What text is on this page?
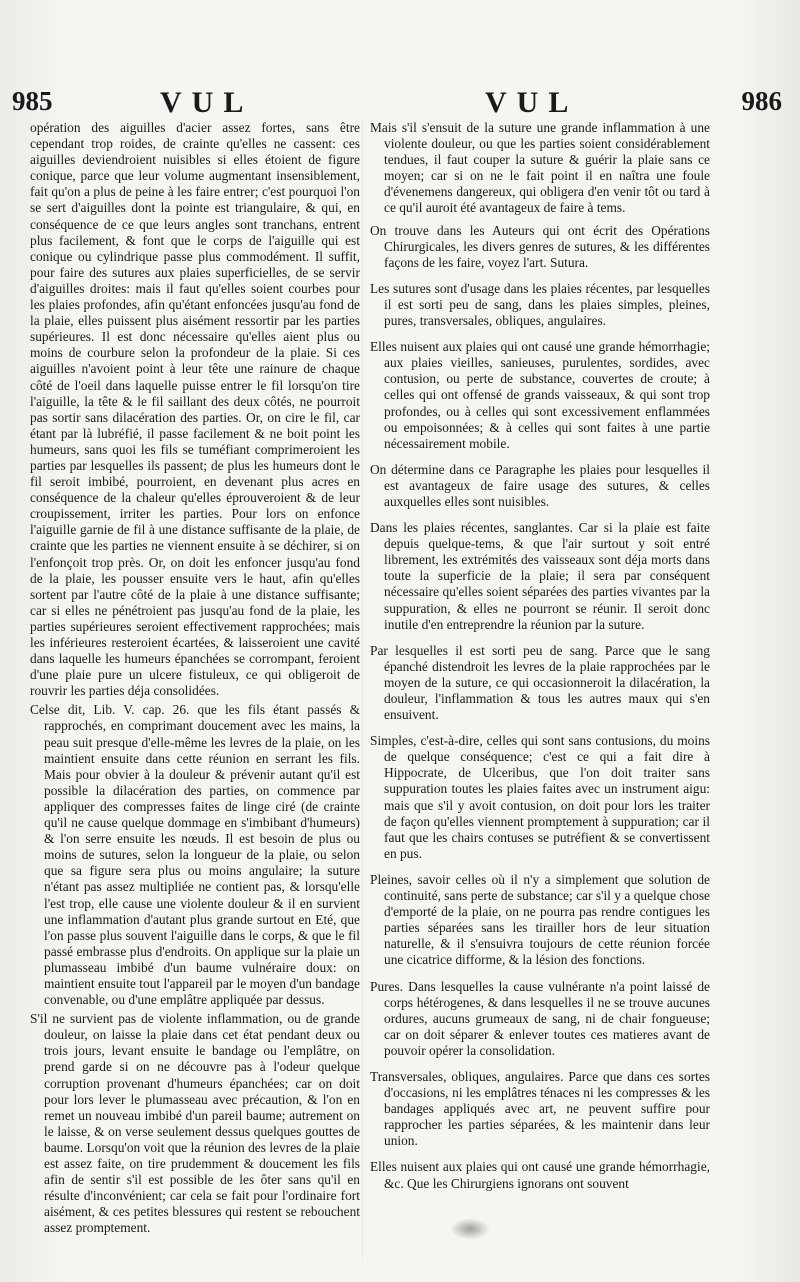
985	VUL	VUL	986

opération des aiguilles d'acier assez fortes, sans être cependant trop roides, de crainte qu'elles ne cassent: ces aiguilles deviendroient nuisibles si elles étoient de figure conique, parce que leur volume augmentant insensiblement, fait qu'on a plus de peine à les faire entrer; c'est pourquoi l'on se sert d'aiguilles dont la pointe est triangulaire, & qui, en conséquence de ce que leurs angles sont tranchans, entrent plus facilement, & font que le corps de l'aiguille qui est conique ou cylindrique passe plus commodément. Il suffit, pour faire des sutures aux plaies superficielles, de se servir d'aiguilles droites: mais il faut qu'elles soient courbes pour les plaies profondes, afin qu'étant enfoncées jusqu'au fond de la plaie, elles puissent plus aisément ressortir par les parties supérieures. Il est donc nécessaire qu'elles aient plus ou moins de courbure selon la profondeur de la plaie. Si ces aiguilles n'avoient point à leur tête une rainure de chaque côté de l'oeil dans laquelle puisse entrer le fil lorsqu'on tire l'aiguille, la tête & le fil saillant des deux côtés, ne pourroit pas sortir sans dilacération des parties. Or, on cire le fil, car étant par là lubréfié, il passe facilement & ne boit point les humeurs, sans quoi les fils se tuméfiant comprimeroient les parties par lesquelles ils passent; de plus les humeurs dont le fil seroit imbibé, pourroient, en devenant plus acres en conséquence de la chaleur qu'elles éprouveroient & de leur croupissement, irriter les parties. Pour lors on enfonce l'aiguille garnie de fil à une distance suffisante de la plaie, de crainte que les parties ne viennent ensuite à se déchirer, si on l'enfonçoit trop près. Or, on doit les enfoncer jusqu'au fond de la plaie, les pousser ensuite vers le haut, afin qu'elles sortent par l'autre côté de la plaie à une distance suffisante; car si elles ne pénétroient pas jusqu'au fond de la plaie, les parties supérieures seroient effectivement rapprochées; mais les inférieures resteroient écartées, & laisseroient une cavité dans laquelle les humeurs épanchées se corrompant, feroient d'une plaie pure un ulcere fistuleux, ce qui obligeroit de rouvrir les parties déja consolidées.

Celse dit, Lib. V. cap. 26. que les fils étant passés & rapprochés, en comprimant doucement avec les mains, la peau suit presque d'elle-même les levres de la plaie, on les maintient ensuite dans cette réunion en serrant les fils. Mais pour obvier à la douleur & prévenir autant qu'il est possible la dilacération des parties, on commence par appliquer des compresses faites de linge ciré (de crainte qu'il ne cause quelque dommage en s'imbibant d'humeurs) & l'on serre ensuite les nœuds. Il est besoin de plus ou moins de sutures, selon la longueur de la plaie, ou selon que sa figure sera plus ou moins angulaire; la suture n'étant pas assez multipliée ne contient pas, & lorsqu'elle l'est trop, elle cause une violente douleur & il en survient une inflammation d'autant plus grande surtout en Eté, que l'on passe plus souvent l'aiguille dans le corps, & que le fil passé embrasse plus d'endroits. On applique sur la plaie un plumasseau imbibé d'un baume vulnéraire doux: on maintient ensuite tout l'appareil par le moyen d'un bandage convenable, ou d'une emplâtre appliquée par dessus.

S'il ne survient pas de violente inflammation, ou de grande douleur, on laisse la plaie dans cet état pendant deux ou trois jours, levant ensuite le bandage ou l'emplâtre, on prend garde si on ne découvre pas à l'odeur quelque corruption provenant d'humeurs épanchées; car on doit pour lors lever le plumasseau avec précaution, & l'on en remet un nouveau imbibé d'un pareil baume; autrement on le laisse, & on verse seulement dessus quelques gouttes de baume. Lorsqu'on voit que la réunion des levres de la plaie est assez faite, on tire prudemment & doucement les fils afin de sentir s'il est possible de les ôter sans qu'il en résulte d'inconvénient; car cela se fait pour l'ordinaire fort aisément, & ces petites blessures qui restent se rebouchent assez promptement.

Mais s'il s'ensuit de la suture une grande inflammation à une violente douleur, ou que les parties soient considérablement tendues, il faut couper la suture & guérir la plaie sans ce moyen; car si on ne le fait point il en naîtra une foule d'évenemens dangereux, qui obligera d'en venir tôt ou tard à ce qu'il auroit été avantageux de faire à tems.

On trouve dans les Auteurs qui ont écrit des Opérations Chirurgicales, les divers genres de sutures, & les différentes façons de les faire, voyez l'art. Sutura.

Les sutures sont d'usage dans les plaies récentes, par lesquelles il est sorti peu de sang, dans les plaies simples, pleines, pures, transversales, obliques, angulaires.

Elles nuisent aux plaies qui ont causé une grande hémorrhagie; aux plaies vieilles, sanieuses, purulentes, sordides, avec contusion, ou perte de substance, couvertes de croute; à celles qui ont offensé de grands vaisseaux, & qui sont trop profondes, ou à celles qui sont excessivement enflammées ou empoisonnées; & à celles qui sont faites à une partie nécessairement mobile.

On détermine dans ce Paragraphe les plaies pour lesquelles il est avantageux de faire usage des sutures, & celles auxquelles elles sont nuisibles.

Dans les plaies récentes, sanglantes. Car si la plaie est faite depuis quelque-tems, & que l'air surtout y soit entré librement, les extrémités des vaisseaux sont déja morts dans toute la superficie de la plaie; il sera par conséquent nécessaire qu'elles soient séparées des parties vivantes par la suppuration, & elles ne pourront se réunir. Il seroit donc inutile d'en entreprendre la réunion par la suture.

Par lesquelles il est sorti peu de sang. Parce que le sang épanché distendroit les levres de la plaie rapprochées par le moyen de la suture, ce qui occasionneroit la dilacération, la douleur, l'inflammation & tous les autres maux qui s'en ensuivent.

Simples, c'est-à-dire, celles qui sont sans contusions, du moins de quelque conséquence; c'est ce qui a fait dire à Hippocrate, de Ulceribus, que l'on doit traiter sans suppuration toutes les plaies faites avec un instrument aigu: mais que s'il y avoit contusion, on doit pour lors les traiter de façon qu'elles viennent promptement à suppuration; car il faut que les chairs contuses se putréfient & se convertissent en pus.

Pleines, savoir celles où il n'y a simplement que solution de continuité, sans perte de substance; car s'il y a quelque chose d'emporté de la plaie, on ne pourra pas rendre contigues les parties séparées sans les tirailler hors de leur situation naturelle, & il s'ensuivra toujours de cette réunion forcée une cicatrice difforme, & la lésion des fonctions.

Pures. Dans lesquelles la cause vulnérante n'a point laissé de corps hétérogenes, & dans lesquelles il ne se trouve aucunes ordures, aucuns grumeaux de sang, ni de chair fongueuse; car on doit séparer & enlever toutes ces matieres avant de pouvoir opérer la consolidation.

Transversales, obliques, angulaires. Parce que dans ces sortes d'occasions, ni les emplâtres ténaces ni les compresses & les bandages appliqués avec art, ne peuvent suffire pour rapprocher les parties séparées, & les maintenir dans leur union.

Elles nuisent aux plaies qui ont causé une grande hémorrhagie, &c. Que les Chirurgiens ignorans ont souvent
